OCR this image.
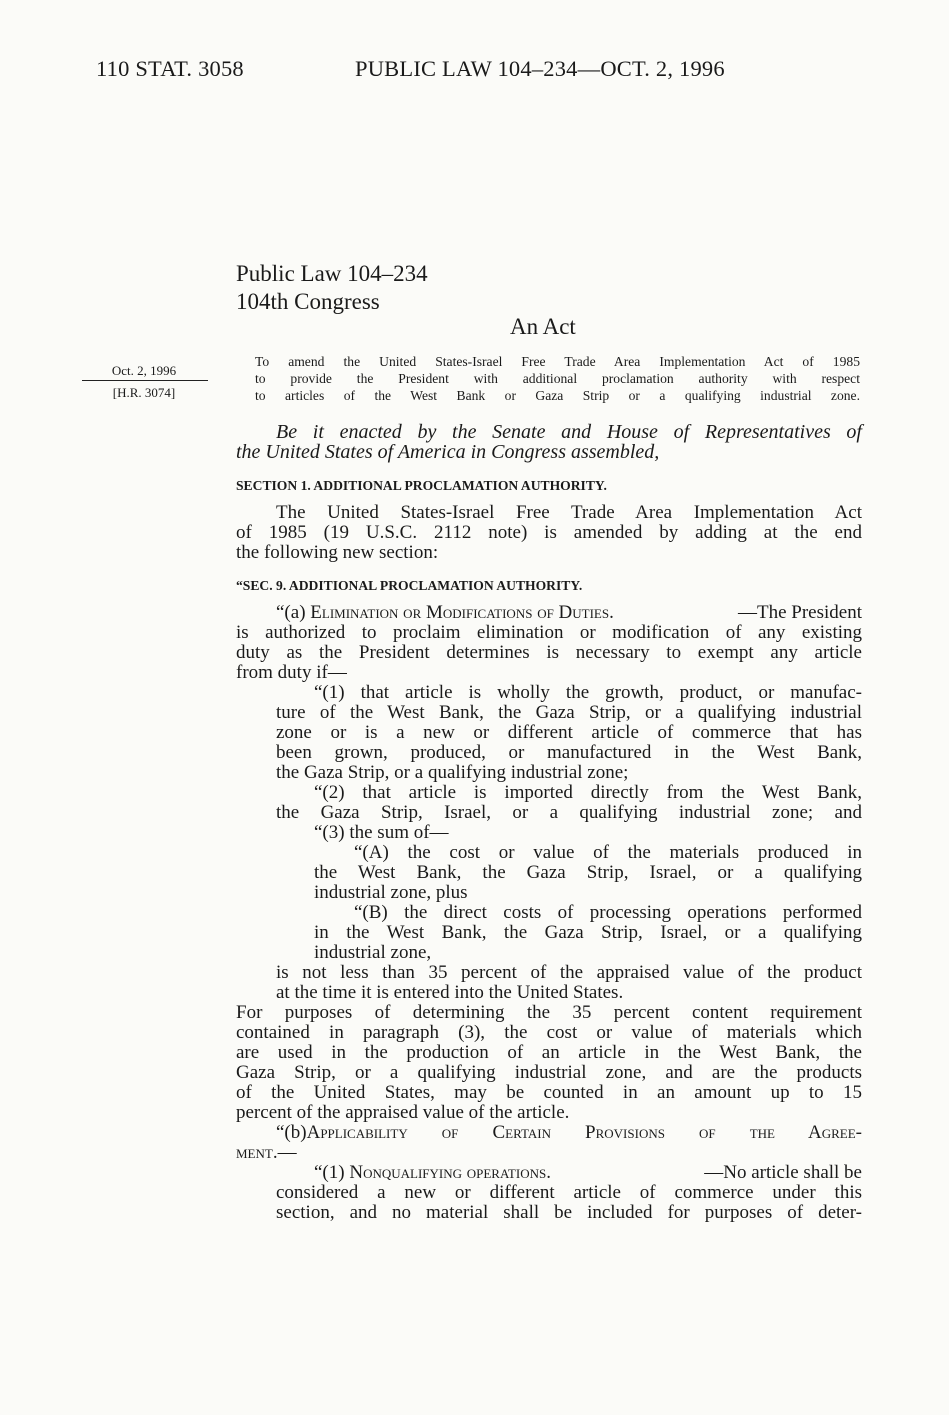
110 STAT. 3058	PUBLIC LAW 104–234—OCT. 2, 1996
Public Law 104–234
104th Congress
An Act
Oct. 2, 1996
[H.R. 3074]
To amend the United States-Israel Free Trade Area Implementation Act of 1985
to provide the President with additional proclamation authority with respect
to articles of the West Bank or Gaza Strip or a qualifying industrial zone.
Be it enacted by the Senate and House of Representatives of
the United States of America in Congress assembled,
SECTION 1. ADDITIONAL PROCLAMATION AUTHORITY.
The United States-Israel Free Trade Area Implementation Act
of 1985 (19 U.S.C. 2112 note) is amended by adding at the end
the following new section:
“SEC. 9. ADDITIONAL PROCLAMATION AUTHORITY.
“(a) Elimination or Modifications of Duties.	—The President
is authorized to proclaim elimination or modification of any existing
duty as the President determines is necessary to exempt any article
from duty if—
“(1) that article is wholly the growth, product, or manufac-
ture of the West Bank, the Gaza Strip, or a qualifying industrial
zone or is a new or different article of commerce that has
been grown, produced, or manufactured in the West Bank,
the Gaza Strip, or a qualifying industrial zone;
“(2) that article is imported directly from the West Bank,
the Gaza Strip, Israel, or a qualifying industrial zone; and
“(3) the sum of—
“(A) the cost or value of the materials produced in
the West Bank, the Gaza Strip, Israel, or a qualifying
industrial zone, plus
“(B) the direct costs of processing operations performed
in the West Bank, the Gaza Strip, Israel, or a qualifying
industrial zone,
is not less than 35 percent of the appraised value of the product
at the time it is entered into the United States.
For purposes of determining the 35 percent content requirement
contained in paragraph (3), the cost or value of materials which
are used in the production of an article in the West Bank, the
Gaza Strip, or a qualifying industrial zone, and are the products
of the United States, may be counted in an amount up to 15
percent of the appraised value of the article.
“(b) Applicability of Certain Provisions of the Agree-
ment.—
“(1) Nonqualifying operations.	—No article shall be
considered a new or different article of commerce under this
section, and no material shall be included for purposes of deter-
